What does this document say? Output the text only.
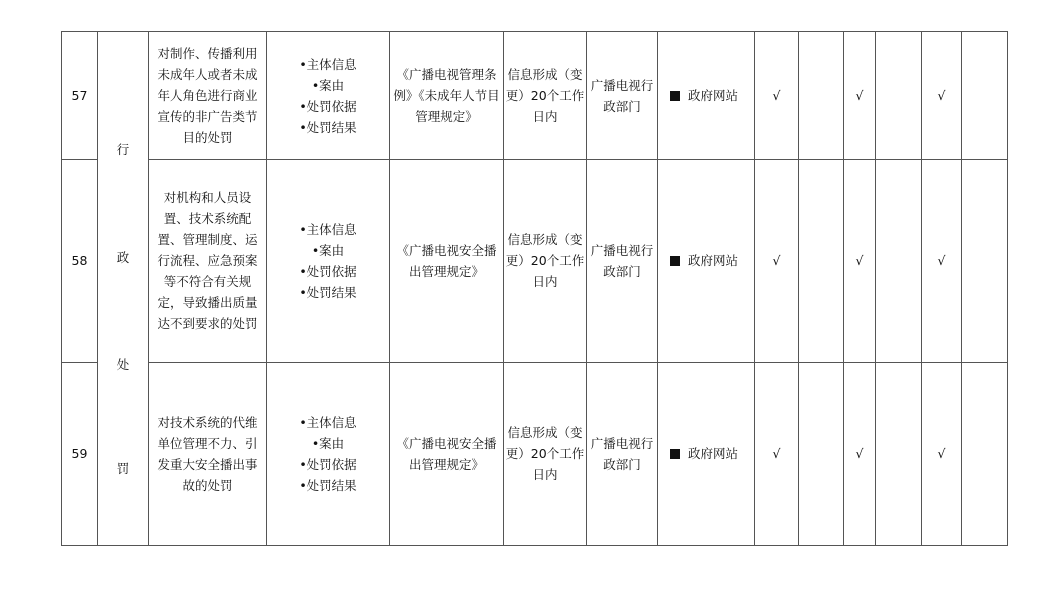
57	行
政
处
罚	对制作、传播利用未成年人或者未成年人角色进行商业宣传的非广告类节目的处罚	•主体信息
•案由
•处罚依据
•处罚结果	《广播电视管理条例》《未成年人节目管理规定》	信息形成（变更）20个工作日内	广播电视行政部门	政府网站	√		√		√	
58		对机构和人员设置、技术系统配置、管理制度、运行流程、应急预案等不符合有关规定，导致播出质量达不到要求的处罚	•主体信息
•案由
•处罚依据
•处罚结果	《广播电视安全播出管理规定》	信息形成（变更）20个工作日内	广播电视行政部门	政府网站	√		√		√	
59		对技术系统的代维单位管理不力、引发重大安全播出事故的处罚	•主体信息
•案由
•处罚依据
•处罚结果	《广播电视安全播出管理规定》	信息形成（变更）20个工作日内	广播电视行政部门	政府网站	√		√		√	
